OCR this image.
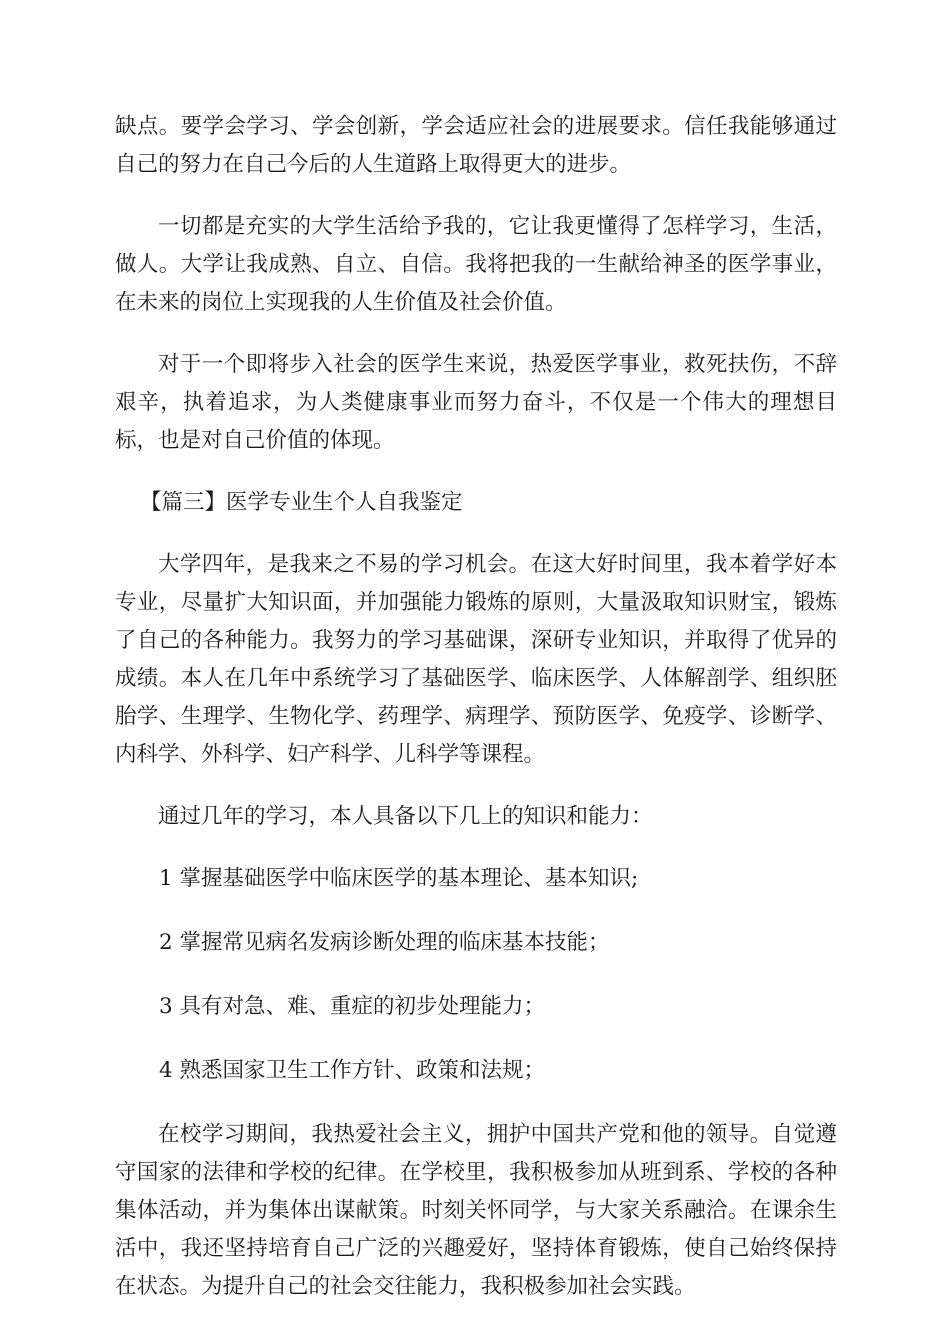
缺点。要学会学习、学会创新，学会适应社会的进展要求。信任我能够通过自己的努力在自己今后的人生道路上取得更大的进步。

一切都是充实的大学生活给予我的，它让我更懂得了怎样学习，生活，做人。大学让我成熟、自立、自信。我将把我的一生献给神圣的医学事业，在未来的岗位上实现我的人生价值及社会价值。

对于一个即将步入社会的医学生来说，热爱医学事业，救死扶伤，不辞艰辛，执着追求，为人类健康事业而努力奋斗，不仅是一个伟大的理想目标，也是对自己价值的体现。

【篇三】医学专业生个人自我鉴定

大学四年，是我来之不易的学习机会。在这大好时间里，我本着学好本专业，尽量扩大知识面，并加强能力锻炼的原则，大量汲取知识财宝，锻炼了自己的各种能力。我努力的学习基础课，深研专业知识，并取得了优异的成绩。本人在几年中系统学习了基础医学、临床医学、人体解剖学、组织胚胎学、生理学、生物化学、药理学、病理学、预防医学、免疫学、诊断学、内科学、外科学、妇产科学、儿科学等课程。

通过几年的学习，本人具备以下几上的知识和能力：

1 掌握基础医学中临床医学的基本理论、基本知识;

2 掌握常见病名发病诊断处理的临床基本技能；

3 具有对急、难、重症的初步处理能力；

4 熟悉国家卫生工作方针、政策和法规；

在校学习期间，我热爱社会主义，拥护中国共产党和他的领导。自觉遵守国家的法律和学校的纪律。在学校里，我积极参加从班到系、学校的各种集体活动，并为集体出谋献策。时刻关怀同学，与大家关系融洽。在课余生活中，我还坚持培育自己广泛的兴趣爱好，坚持体育锻炼，使自己始终保持在状态。为提升自己的社会交往能力，我积极参加社会实践。
